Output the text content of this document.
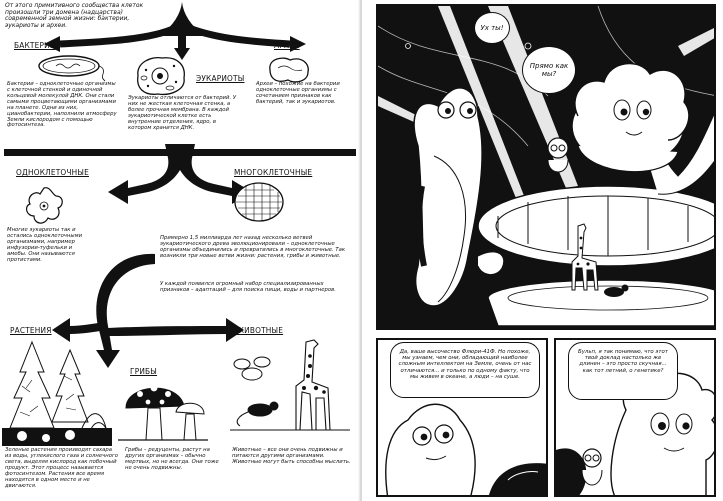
От этого примитивного сообщества клеток произошли три домена (надцарства) современной земной жизни: бактерии, эукариоты и археи.
БАКТЕРИИ
ЭУКАРИОТЫ
АРХЕИ
Бактерии – одноклеточные организмы с клеточной стенкой и одиночной кольцевой молекулой ДНК. Они стали самыми процветающими организмами на планете. Одни из них, цианобактерии, наполнили атмосферу Земли кислородом с помощью фотосинтеза.
Эукариоты отличаются от бактерий. У них не жесткая клеточная стенка, а более прочная мембрана. В каждой эукариотической клетке есть внутренние отделения, ядро, в котором хранится ДНК.
Археи – похожие на бактерии одноклеточные организмы с сочетанием признаков как бактерий, так и эукариотов.
ОДНОКЛЕТОЧНЫЕ	МНОГОКЛЕТОЧНЫЕ
Многие эукариоты так и остались одноклеточными организмами, например инфузории-туфельки и амебы. Они называются протистами.
Примерно 1,5 миллиарда лет назад несколько ветвей эукариотического древа эволюционировали – одноклеточные организмы объединились и превратились в многоклеточные. Так возникли три новые ветви жизни: растения, грибы и животные.
У каждой появился огромный набор специализированных признаков – адаптаций – для поиска пищи, воды и партнеров.
РАСТЕНИЯ
ГРИБЫ
ЖИВОТНЫЕ
Зеленые растения производят сахара из воды, углекислого газа и солнечного света, выделяя кислород как побочный продукт. Этот процесс называется фотосинтезом. Растения все время находятся в одном месте и не двигаются.
Грибы – редуценты, растут на других организмах – обычно мертвых, но не всегда. Они тоже не очень подвижны.
Животные – все они очень подвижны и питаются другими организмами. Животные могут быть способны мыслить.
Ух ты!
Прямо как мы?
Да, ваше высочество Флюри-41Ф. Но похоже, мы узнаем, чем они, обладающий наиболее сложным интеллектом на Земле, очень от нас отличаются... и только по одному факту, что мы живем в океане, а люди – на суше.
Бульп, я так понимаю, что этот твой доклад настолько же длинен – это просто скучная... как тот летний, о генетике?
